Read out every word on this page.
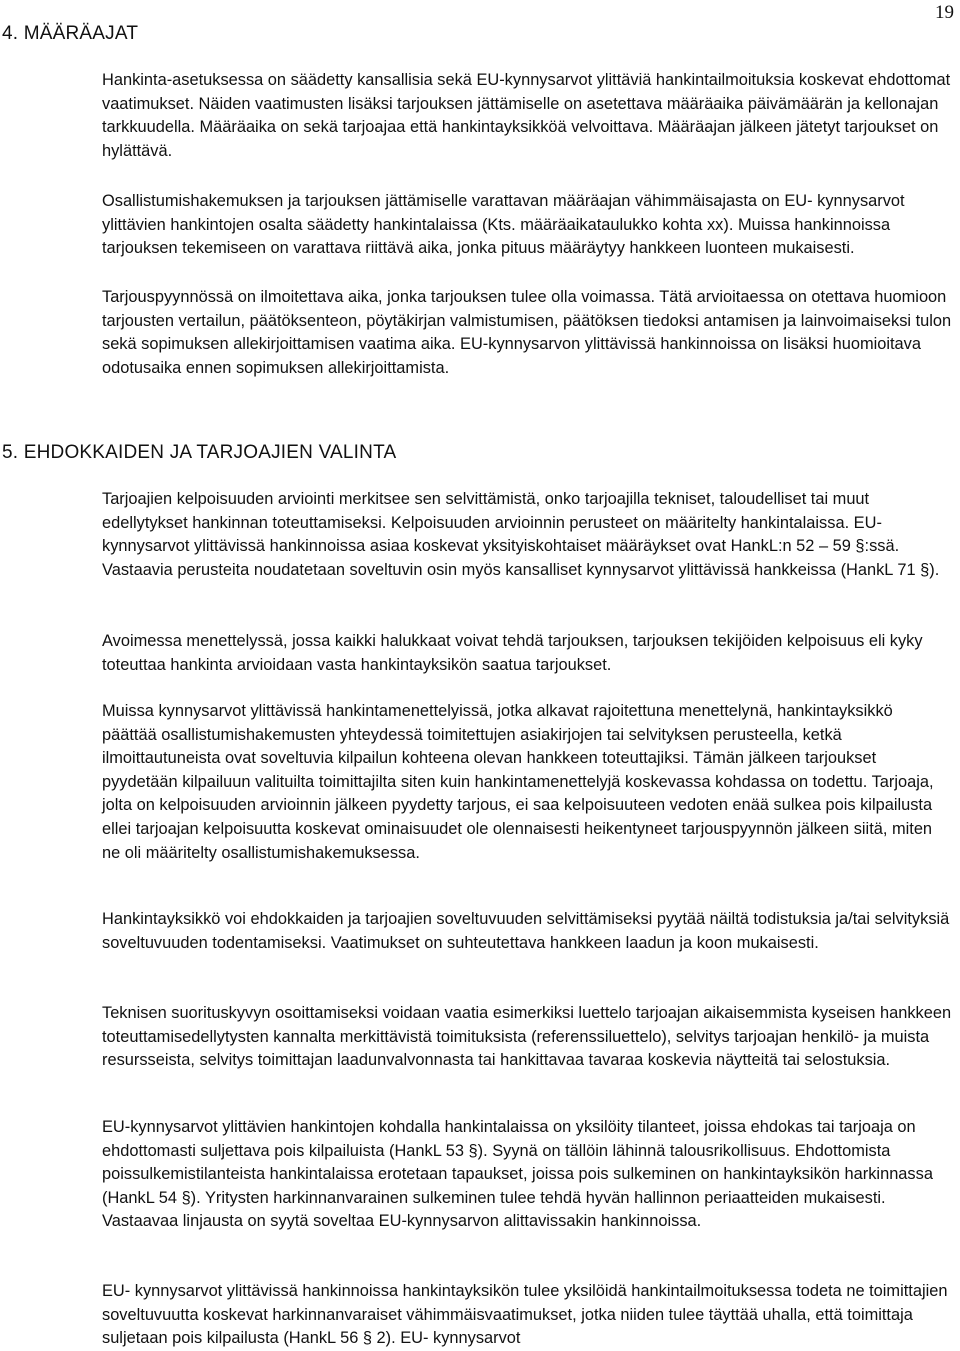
19
4. MÄÄRÄAJAT

Hankinta-asetuksessa on säädetty kansallisia sekä EU-kynnysarvot ylittäviä hankintailmoituksia koskevat ehdottomat vaatimukset. Näiden vaatimusten lisäksi tarjouksen jättämiselle on asetettava määräaika päivämäärän ja kellonajan tarkkuudella. Määräaika on sekä tarjoajaa että hankintayksikköä velvoittava. Määräajan jälkeen jätetyt tarjoukset on hylättävä.

Osallistumishakemuksen ja tarjouksen jättämiselle varattavan määräajan vähimmäisajasta on EU- kynnysarvot ylittävien hankintojen osalta säädetty hankintalaissa (Kts. määräaikataulukko kohta xx). Muissa hankinnoissa tarjouksen tekemiseen on varattava riittävä aika, jonka pituus määräytyy hankkeen luonteen mukaisesti.

Tarjouspyynnössä on ilmoitettava aika, jonka tarjouksen tulee olla voimassa. Tätä arvioitaessa on otettava huomioon tarjousten vertailun, päätöksenteon, pöytäkirjan valmistumisen, päätöksen tiedoksi antamisen ja lainvoimaiseksi tulon sekä sopimuksen allekirjoittamisen vaatima aika. EU-kynnysarvon ylittävissä hankinnoissa on lisäksi huomioitava odotusaika ennen sopimuksen allekirjoittamista.

5. EHDOKKAIDEN JA TARJOAJIEN VALINTA

Tarjoajien kelpoisuuden arviointi merkitsee sen selvittämistä, onko tarjoajilla tekniset, taloudelliset tai muut edellytykset hankinnan toteuttamiseksi. Kelpoisuuden arvioinnin perusteet on määritelty hankintalaissa. EU- kynnysarvot ylittävissä hankinnoissa asiaa koskevat yksityiskohtaiset määräykset ovat HankL:n 52 – 59 §:ssä. Vastaavia perusteita noudatetaan soveltuvin osin myös kansalliset kynnysarvot ylittävissä hankkeissa (HankL 71 §).

Avoimessa menettelyssä, jossa kaikki halukkaat voivat tehdä tarjouksen, tarjouksen tekijöiden kelpoisuus eli kyky toteuttaa hankinta arvioidaan vasta hankintayksikön saatua tarjoukset.

Muissa kynnysarvot ylittävissä hankintamenettelyissä, jotka alkavat rajoitettuna menettelynä, hankintayksikkö päättää osallistumishakemusten yhteydessä toimitettujen asiakirjojen tai selvityksen perusteella, ketkä ilmoittautuneista ovat soveltuvia kilpailun kohteena olevan hankkeen toteuttajiksi. Tämän jälkeen tarjoukset pyydetään kilpailuun valituilta toimittajilta siten kuin hankintamenettelyjä koskevassa kohdassa on todettu. Tarjoaja, jolta on kelpoisuuden arvioinnin jälkeen pyydetty tarjous, ei saa kelpoisuuteen vedoten enää sulkea pois kilpailusta ellei tarjoajan kelpoisuutta koskevat ominaisuudet ole olennaisesti heikentyneet tarjouspyynnön jälkeen siitä, miten ne oli määritelty osallistumishakemuksessa.

Hankintayksikkö voi ehdokkaiden ja tarjoajien soveltuvuuden selvittämiseksi pyytää näiltä todistuksia ja/tai selvityksiä soveltuvuuden todentamiseksi. Vaatimukset on suhteutettava hankkeen laadun ja koon mukaisesti.

Teknisen suorituskyvyn osoittamiseksi voidaan vaatia esimerkiksi luettelo tarjoajan aikaisemmista kyseisen hankkeen toteuttamisedellytysten kannalta merkittävistä toimituksista (referenssiluettelo), selvitys tarjoajan henkilö- ja muista resursseista, selvitys toimittajan laadunvalvonnasta tai hankittavaa tavaraa koskevia näytteitä tai selostuksia.

EU-kynnysarvot ylittävien hankintojen kohdalla hankintalaissa on yksilöity tilanteet, joissa ehdokas tai tarjoaja on ehdottomasti suljettava pois kilpailuista (HankL 53 §). Syynä on tällöin lähinnä talousrikollisuus. Ehdottomista poissulkemistilanteista hankintalaissa erotetaan tapaukset, joissa pois sulkeminen on hankintayksikön harkinnassa (HankL 54 §). Yritysten harkinnanvarainen sulkeminen tulee tehdä hyvän hallinnon periaatteiden mukaisesti. Vastaavaa linjausta on syytä soveltaa EU-kynnysarvon alittavissakin hankinnoissa.

EU- kynnysarvot ylittävissä hankinnoissa hankintayksikön tulee yksilöidä hankintailmoituksessa todeta ne toimittajien soveltuvuutta koskevat harkinnanvaraiset vähimmäisvaatimukset, jotka niiden tulee täyttää uhalla, että toimittaja suljetaan pois kilpailusta (HankL 56 § 2). EU- kynnysarvot
